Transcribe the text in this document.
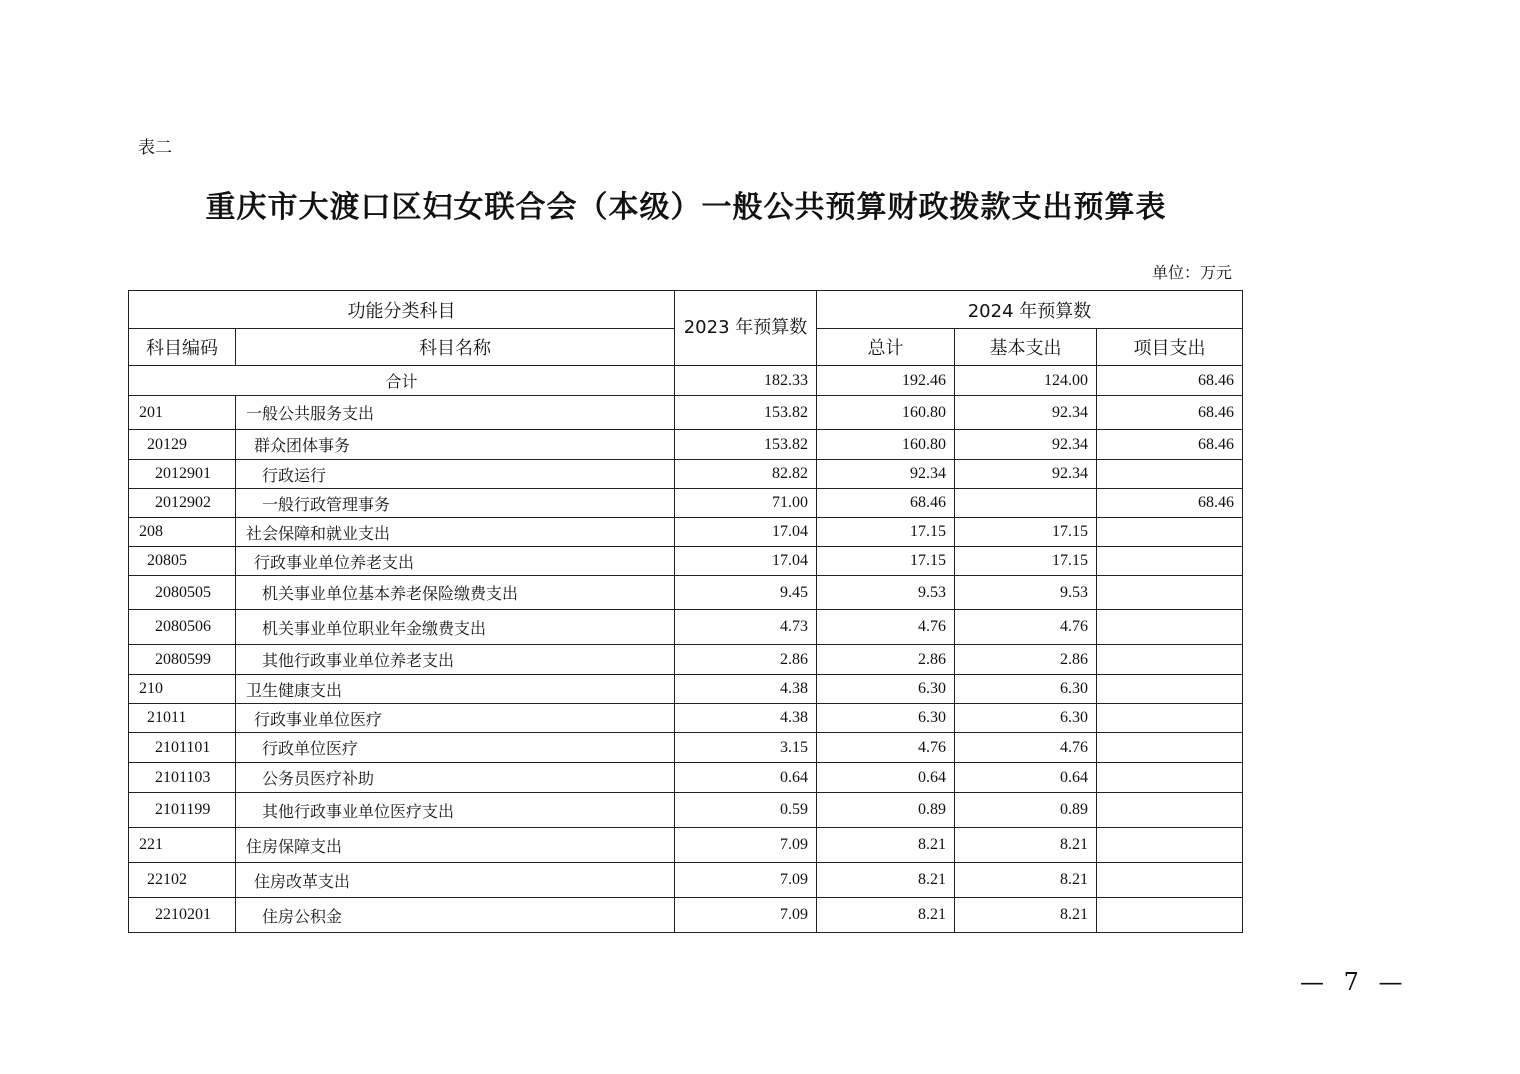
表二
重庆市大渡口区妇女联合会（本级）一般公共预算财政拨款支出预算表
单位：万元
功能分类科目		2023 年预算数	2024 年预算数		
科目编码	科目名称		总计	基本支出	项目支出
合计		182.33	192.46	124.00	68.46
201	一般公共服务支出	153.82	160.80	92.34	68.46
20129	群众团体事务	153.82	160.80	92.34	68.46
2012901	行政运行	82.82	92.34	92.34	
2012902	一般行政管理事务	71.00	68.46		68.46
208	社会保障和就业支出	17.04	17.15	17.15	
20805	行政事业单位养老支出	17.04	17.15	17.15	
2080505	机关事业单位基本养老保险缴费支出	9.45	9.53	9.53	
2080506	机关事业单位职业年金缴费支出	4.73	4.76	4.76	
2080599	其他行政事业单位养老支出	2.86	2.86	2.86	
210	卫生健康支出	4.38	6.30	6.30	
21011	行政事业单位医疗	4.38	6.30	6.30	
2101101	行政单位医疗	3.15	4.76	4.76	
2101103	公务员医疗补助	0.64	0.64	0.64	
2101199	其他行政事业单位医疗支出	0.59	0.89	0.89	
221	住房保障支出	7.09	8.21	8.21	
22102	住房改革支出	7.09	8.21	8.21	
2210201	住房公积金	7.09	8.21	8.21	
— 7 —
